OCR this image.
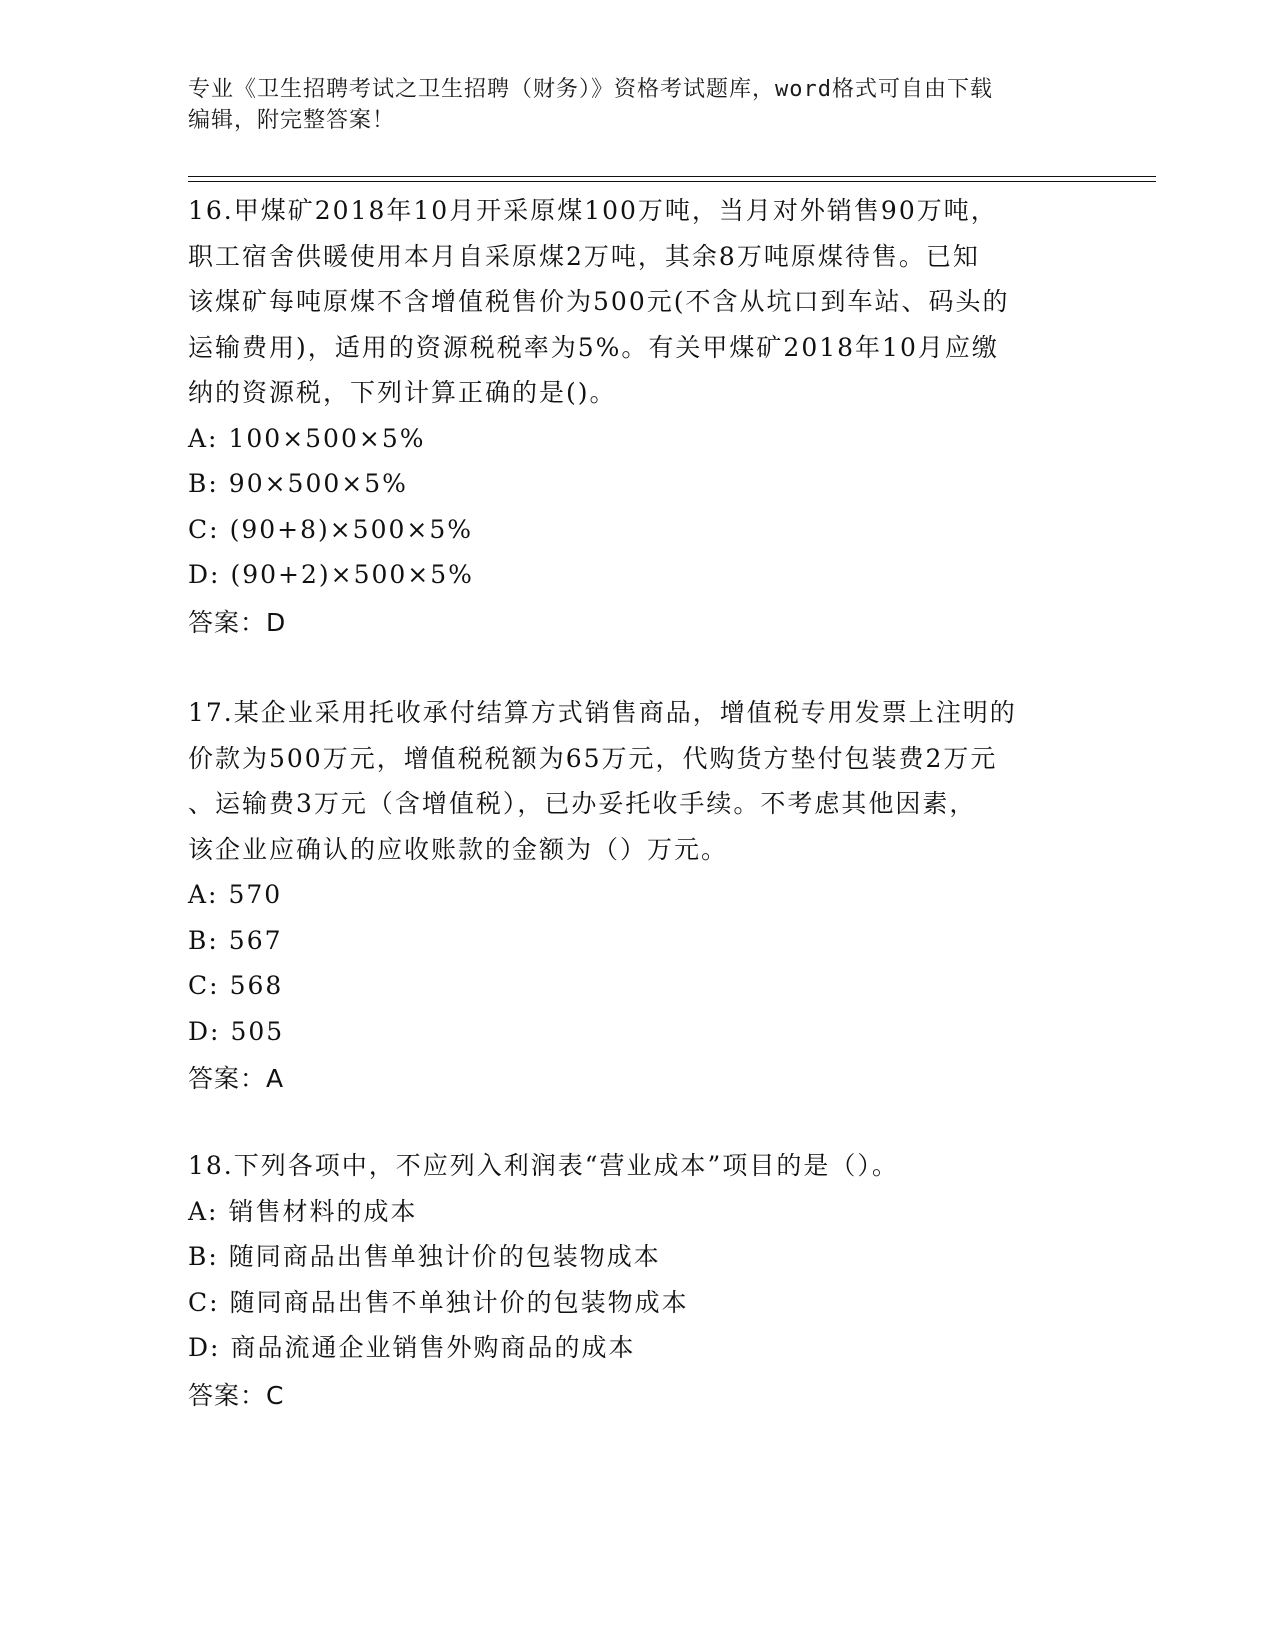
专业《卫生招聘考试之卫生招聘（财务）》资格考试题库，word格式可自由下载
编辑，附完整答案！
16.甲煤矿2018年10月开采原煤100万吨，当月对外销售90万吨，
职工宿舍供暖使用本月自采原煤2万吨，其余8万吨原煤待售。已知
该煤矿每吨原煤不含增值税售价为500元(不含从坑口到车站、码头的
运输费用)，适用的资源税税率为5%。有关甲煤矿2018年10月应缴
纳的资源税，下列计算正确的是()。
A: 100×500×5%
B: 90×500×5%
C: (90+8)×500×5%
D: (90+2)×500×5%
答案：D
17.某企业采用托收承付结算方式销售商品，增值税专用发票上注明的
价款为500万元，增值税税额为65万元，代购货方垫付包装费2万元
、运输费3万元（含增值税），已办妥托收手续。不考虑其他因素，
该企业应确认的应收账款的金额为（）万元。
A: 570
B: 567
C: 568
D: 505
答案：A
18.下列各项中，不应列入利润表“营业成本”项目的是（）。
A: 销售材料的成本
B: 随同商品出售单独计价的包装物成本
C: 随同商品出售不单独计价的包装物成本
D: 商品流通企业销售外购商品的成本
答案：C
